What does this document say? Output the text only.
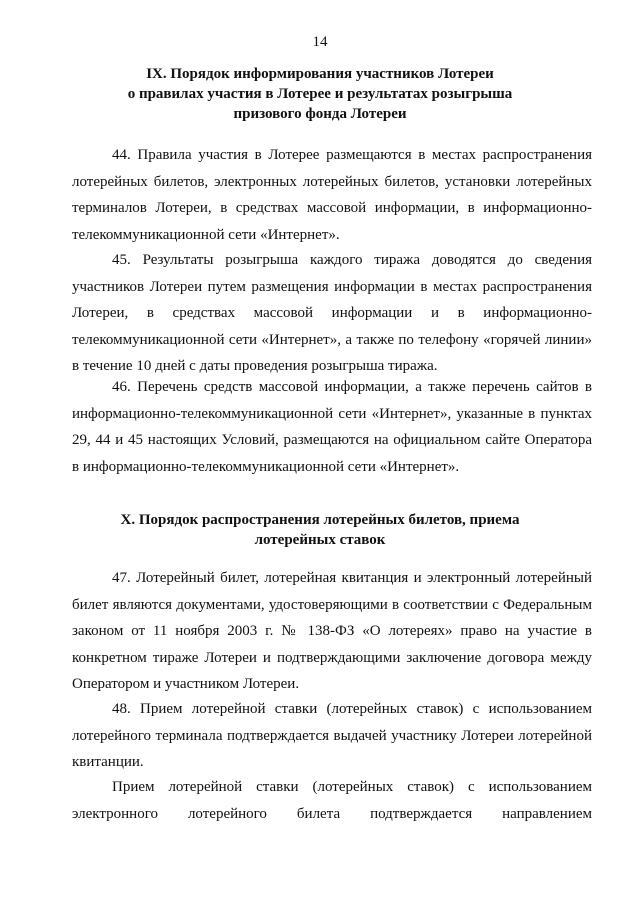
14
IX. Порядок информирования участников Лотереи
о правилах участия в Лотерее и результатах розыгрыша
призового фонда Лотереи
44. Правила участия в Лотерее размещаются в местах распространения лотерейных билетов, электронных лотерейных билетов, установки лотерейных терминалов Лотереи, в средствах массовой информации, в информационно-телекоммуникационной сети «Интернет».
45. Результаты розыгрыша каждого тиража доводятся до сведения участников Лотереи путем размещения информации в местах распространения Лотереи, в средствах массовой информации и в информационно-телекоммуникационной сети «Интернет», а также по телефону «горячей линии» в течение 10 дней с даты проведения розыгрыша тиража.
46. Перечень средств массовой информации, а также перечень сайтов в информационно-телекоммуникационной сети «Интернет», указанные в пунктах 29, 44 и 45 настоящих Условий, размещаются на официальном сайте Оператора в информационно-телекоммуникационной сети «Интернет».
X. Порядок распространения лотерейных билетов, приема
лотерейных ставок
47. Лотерейный билет, лотерейная квитанция и электронный лотерейный билет являются документами, удостоверяющими в соответствии с Федеральным законом от 11 ноября 2003 г. № 138-ФЗ «О лотереях» право на участие в конкретном тираже Лотереи и подтверждающими заключение договора между Оператором и участником Лотереи.
48. Прием лотерейной ставки (лотерейных ставок) с использованием лотерейного терминала подтверждается выдачей участнику Лотереи лотерейной квитанции.
Прием лотерейной ставки (лотерейных ставок) с использованием электронного лотерейного билета подтверждается направлением
